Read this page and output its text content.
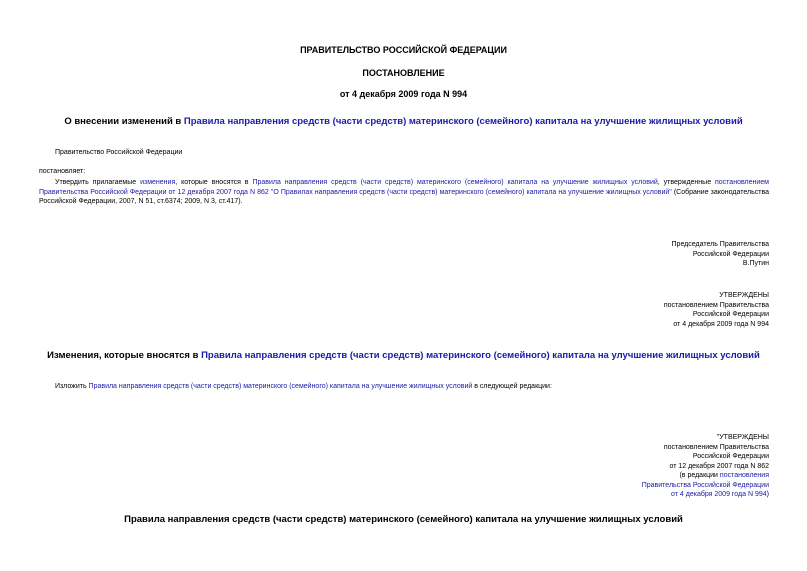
ПРАВИТЕЛЬСТВО РОССИЙСКОЙ ФЕДЕРАЦИИ
ПОСТАНОВЛЕНИЕ
от 4 декабря 2009 года N 994
О внесении изменений в Правила направления средств (части средств) материнского (семейного) капитала на улучшение жилищных условий
Правительство Российской Федерации
постановляет:
Утвердить прилагаемые изменения, которые вносятся в Правила направления средств (части средств) материнского (семейного) капитала на улучшение жилищных условий, утвержденные постановлением Правительства Российской Федерации от 12 декабря 2007 года N 862 "О Правилах направления средств (части средств) материнского (семейного) капитала на улучшение жилищных условий" (Собрание законодательства Российской Федерации, 2007, N 51, ст.6374; 2009, N 3, ст.417).
Председатель Правительства
Российской Федерации
В.Путин
УТВЕРЖДЕНЫ
постановлением Правительства
Российской Федерации
от 4 декабря 2009 года N 994
Изменения, которые вносятся в Правила направления средств (части средств) материнского (семейного) капитала на улучшение жилищных условий
Изложить Правила направления средств (части средств) материнского (семейного) капитала на улучшение жилищных условий в следующей редакции:
"УТВЕРЖДЕНЫ
постановлением Правительства
Российской Федерации
от 12 декабря 2007 года N 862
(в редакции постановления
Правительства Российской Федерации
от 4 декабря 2009 года N 994)
Правила направления средств (части средств) материнского (семейного) капитала на улучшение жилищных условий
